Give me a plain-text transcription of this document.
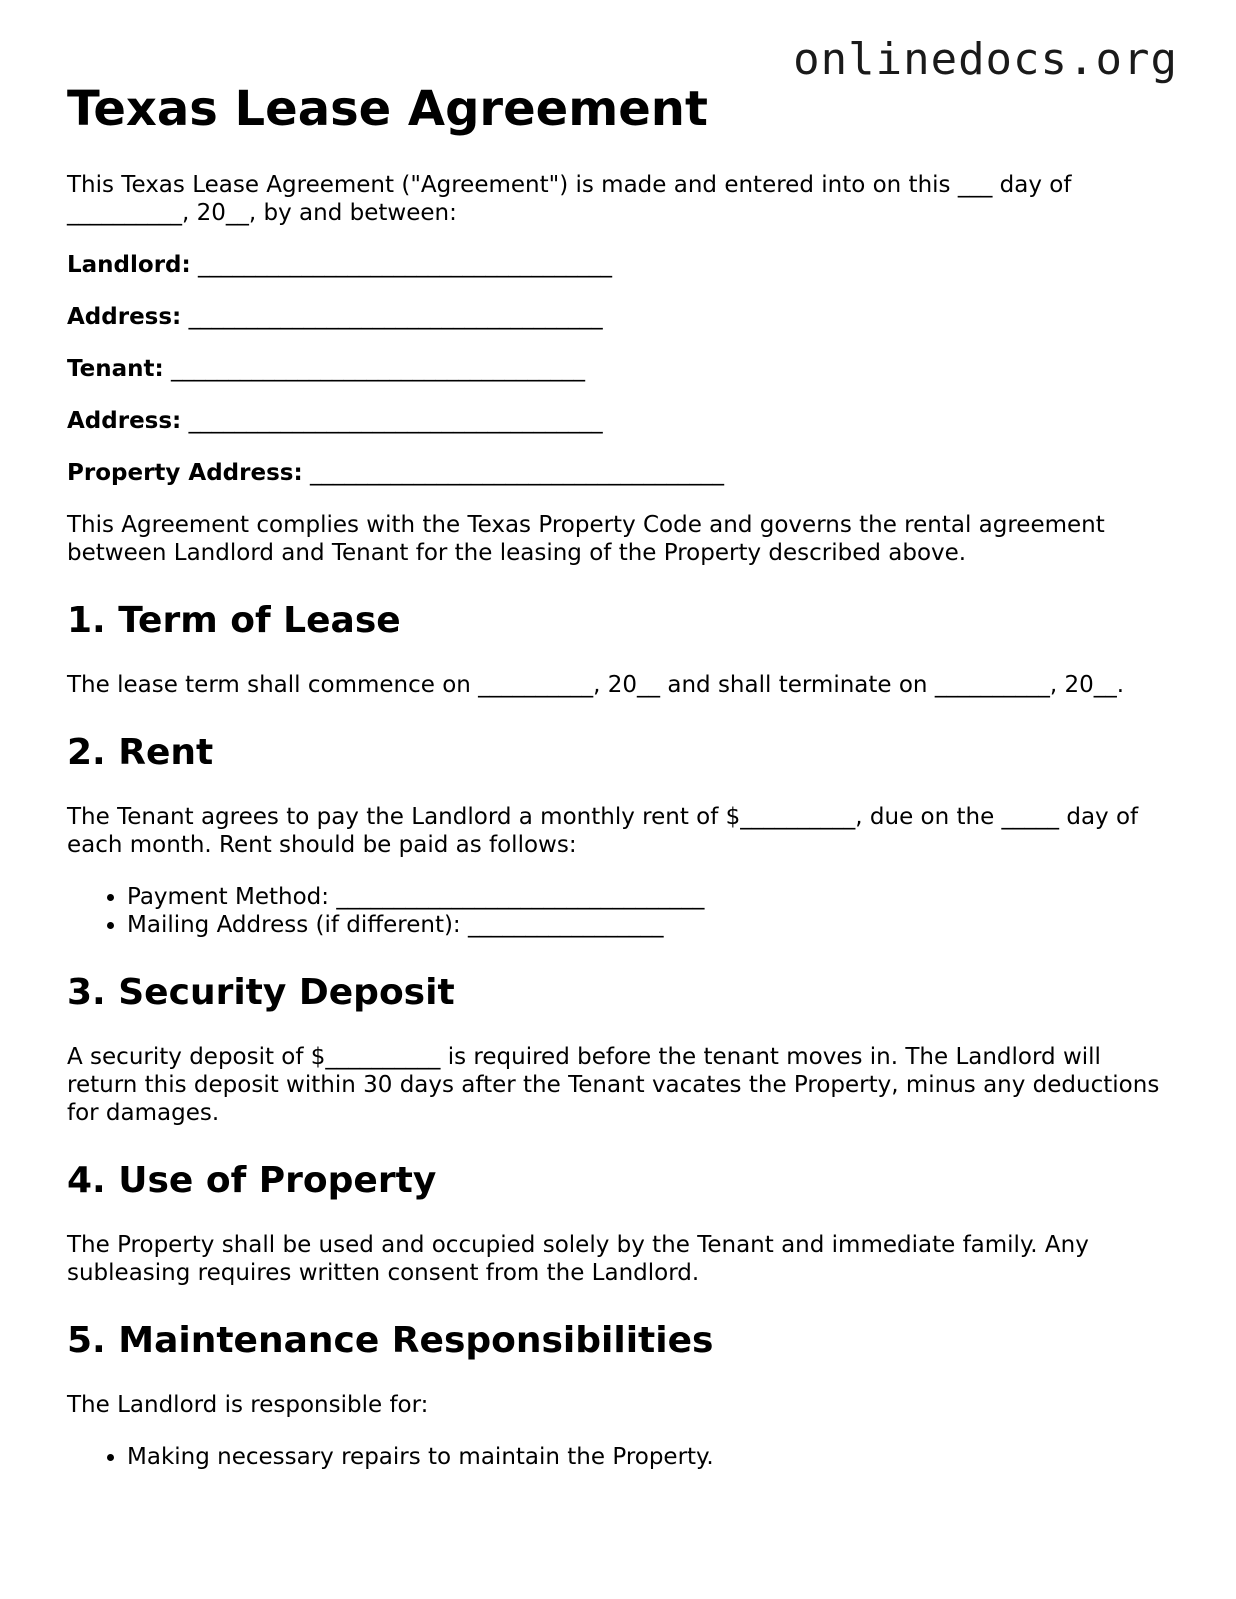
onlinedocs.org
Texas Lease Agreement

This Texas Lease Agreement ("Agreement") is made and entered into on this ___ day of __________, 20__, by and between:

Landlord: ____________________________________
Address: ____________________________________
Tenant: ____________________________________
Address: ____________________________________
Property Address: ____________________________________

This Agreement complies with the Texas Property Code and governs the rental agreement between Landlord and Tenant for the leasing of the Property described above.

1. Term of Lease

The lease term shall commence on __________, 20__ and shall terminate on __________, 20__.

2. Rent

The Tenant agrees to pay the Landlord a monthly rent of $__________, due on the _____ day of each month. Rent should be paid as follows:

• Payment Method: ________________________________
• Mailing Address (if different): _________________
3. Security Deposit

A security deposit of $__________ is required before the tenant moves in. The Landlord will return this deposit within 30 days after the Tenant vacates the Property, minus any deductions for damages.

4. Use of Property

The Property shall be used and occupied solely by the Tenant and immediate family. Any subleasing requires written consent from the Landlord.

5. Maintenance Responsibilities

The Landlord is responsible for:

• Making necessary repairs to maintain the Property.
